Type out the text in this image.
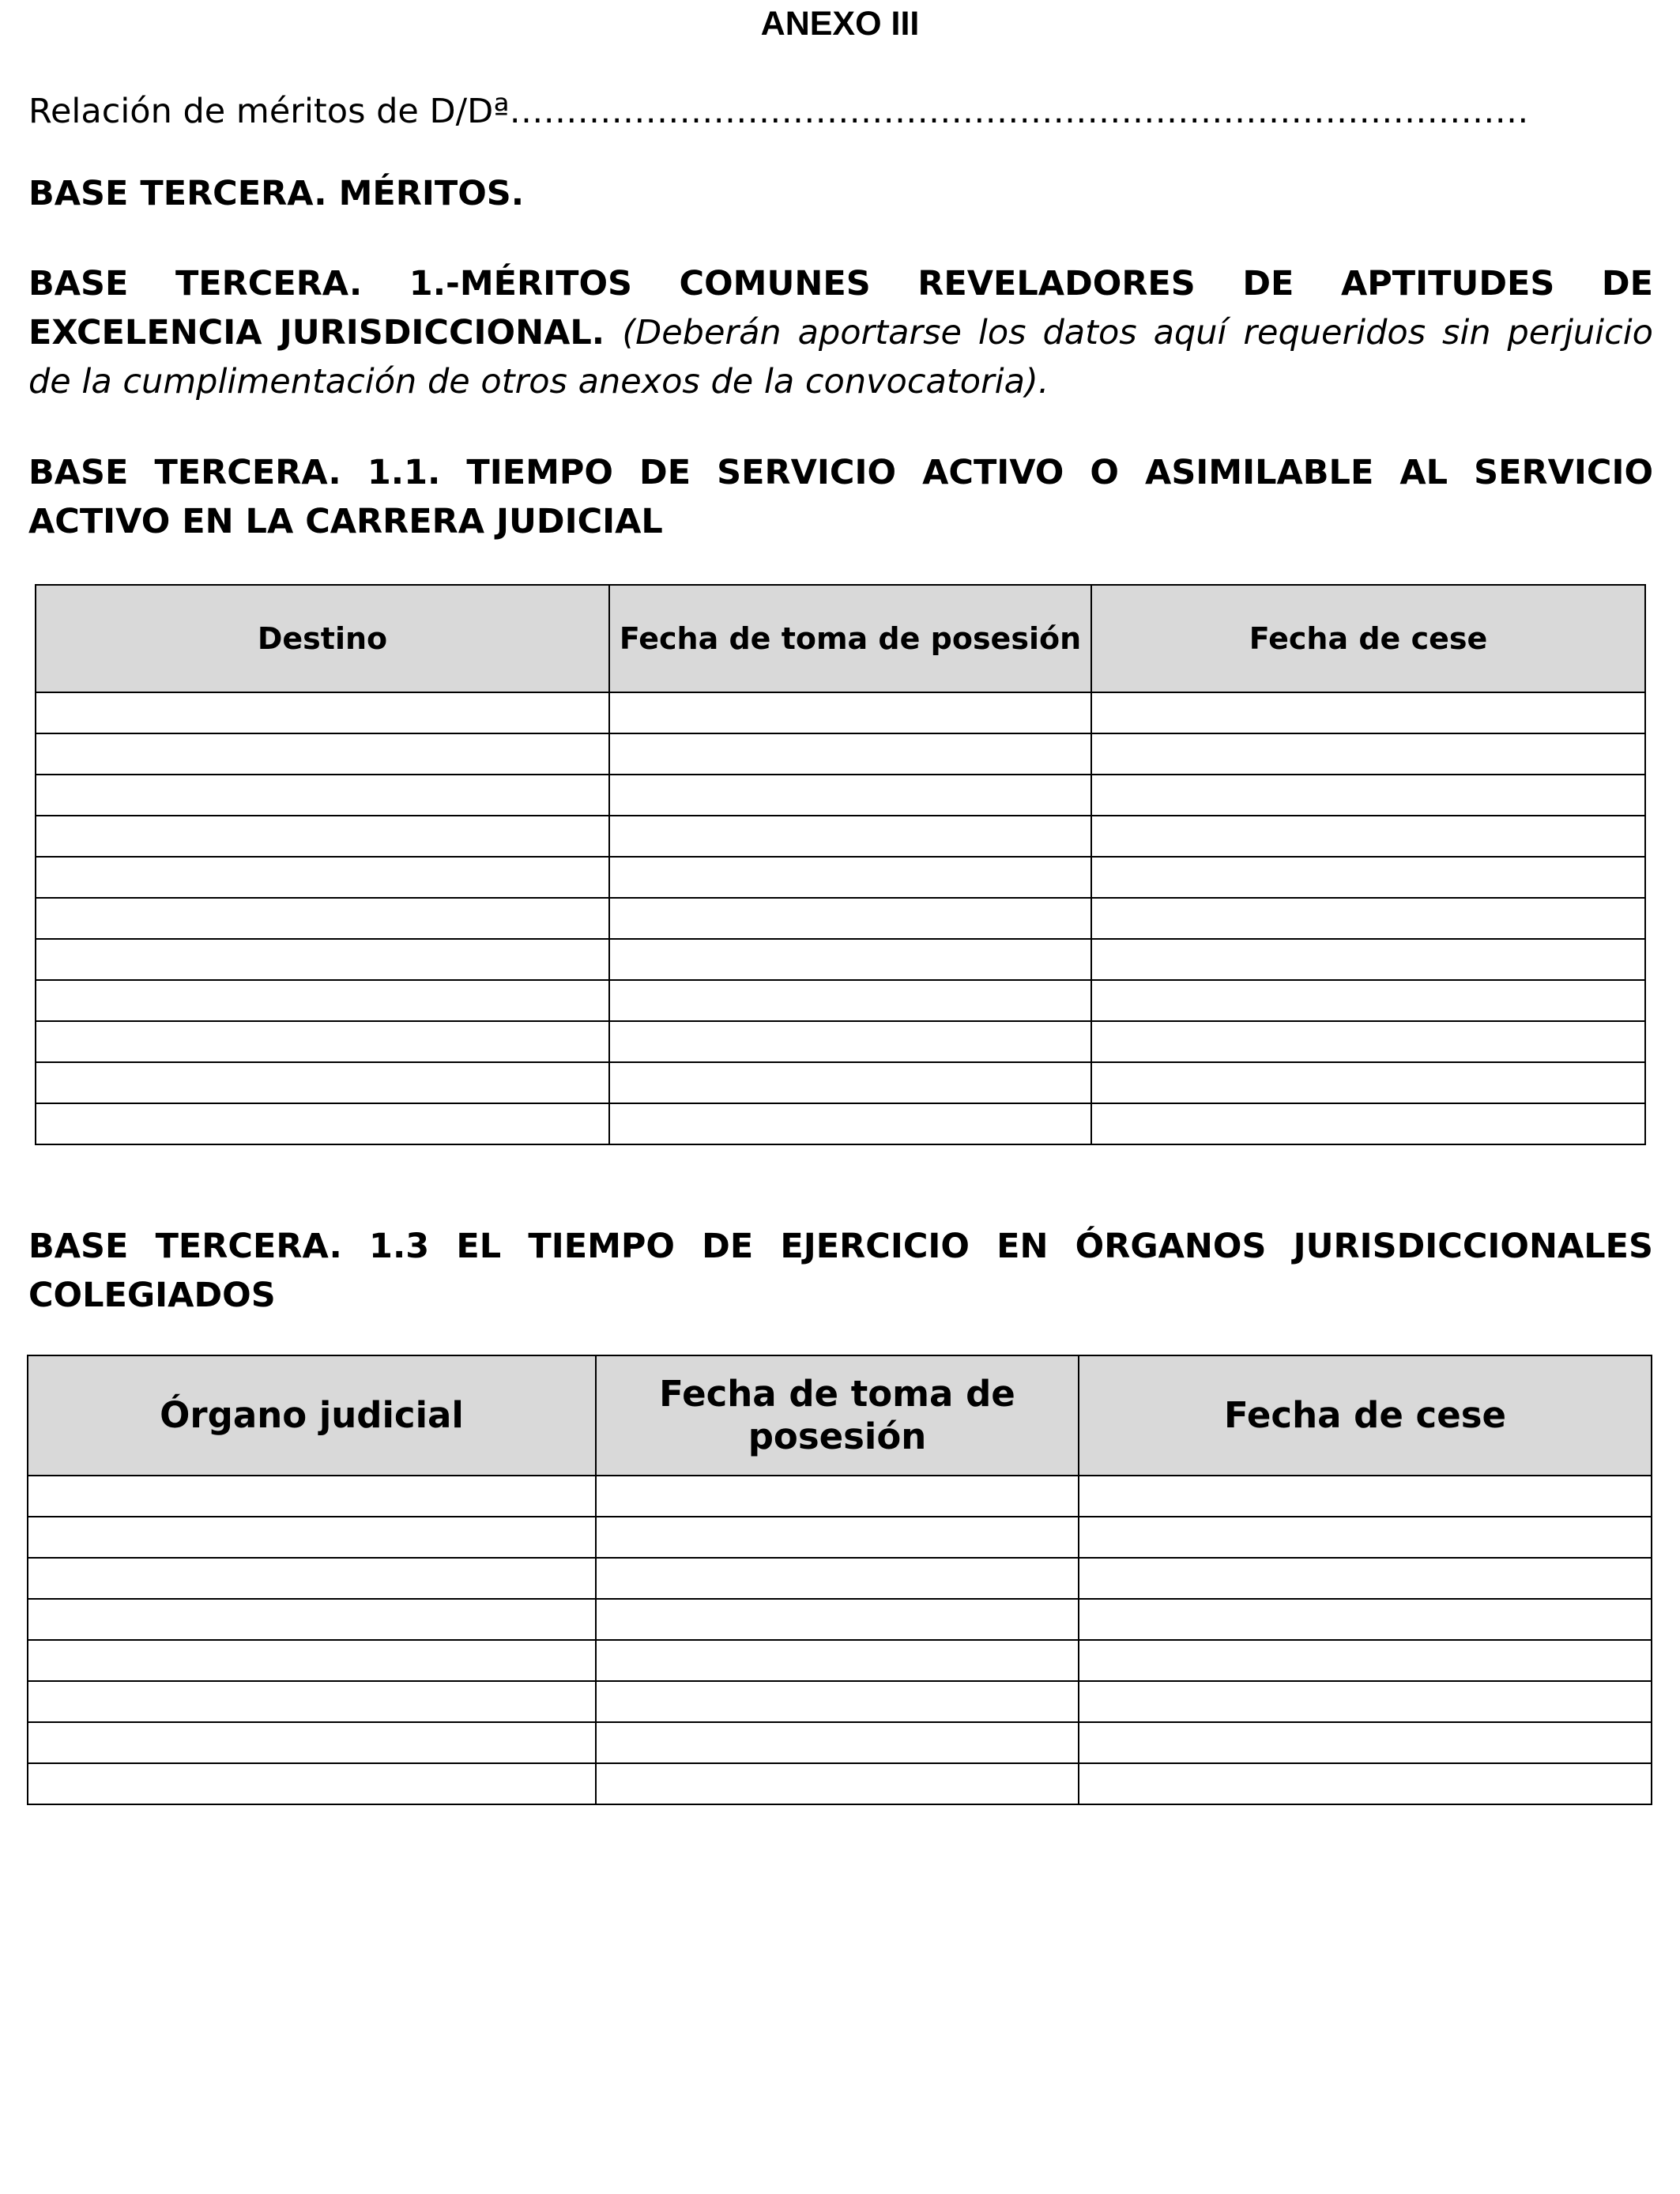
ANEXO III
Relación de méritos de D/Dª………………………………………………………………………………
BASE TERCERA. MÉRITOS.
BASE TERCERA. 1.-MÉRITOS COMUNES REVELADORES DE APTITUDES DE
EXCELENCIA JURISDICCIONAL. (Deberán aportarse los datos aquí requeridos sin perjuicio
de la cumplimentación de otros anexos de la convocatoria).
BASE TERCERA. 1.1. TIEMPO DE SERVICIO ACTIVO O ASIMILABLE AL SERVICIO
ACTIVO EN LA CARRERA JUDICIAL
Destino	Fecha de toma de posesión	Fecha de cese

BASE TERCERA. 1.3 EL TIEMPO DE EJERCICIO EN ÓRGANOS JURISDICCIONALES
COLEGIADOS
Órgano judicial	Fecha de toma de posesión	Fecha de cese
